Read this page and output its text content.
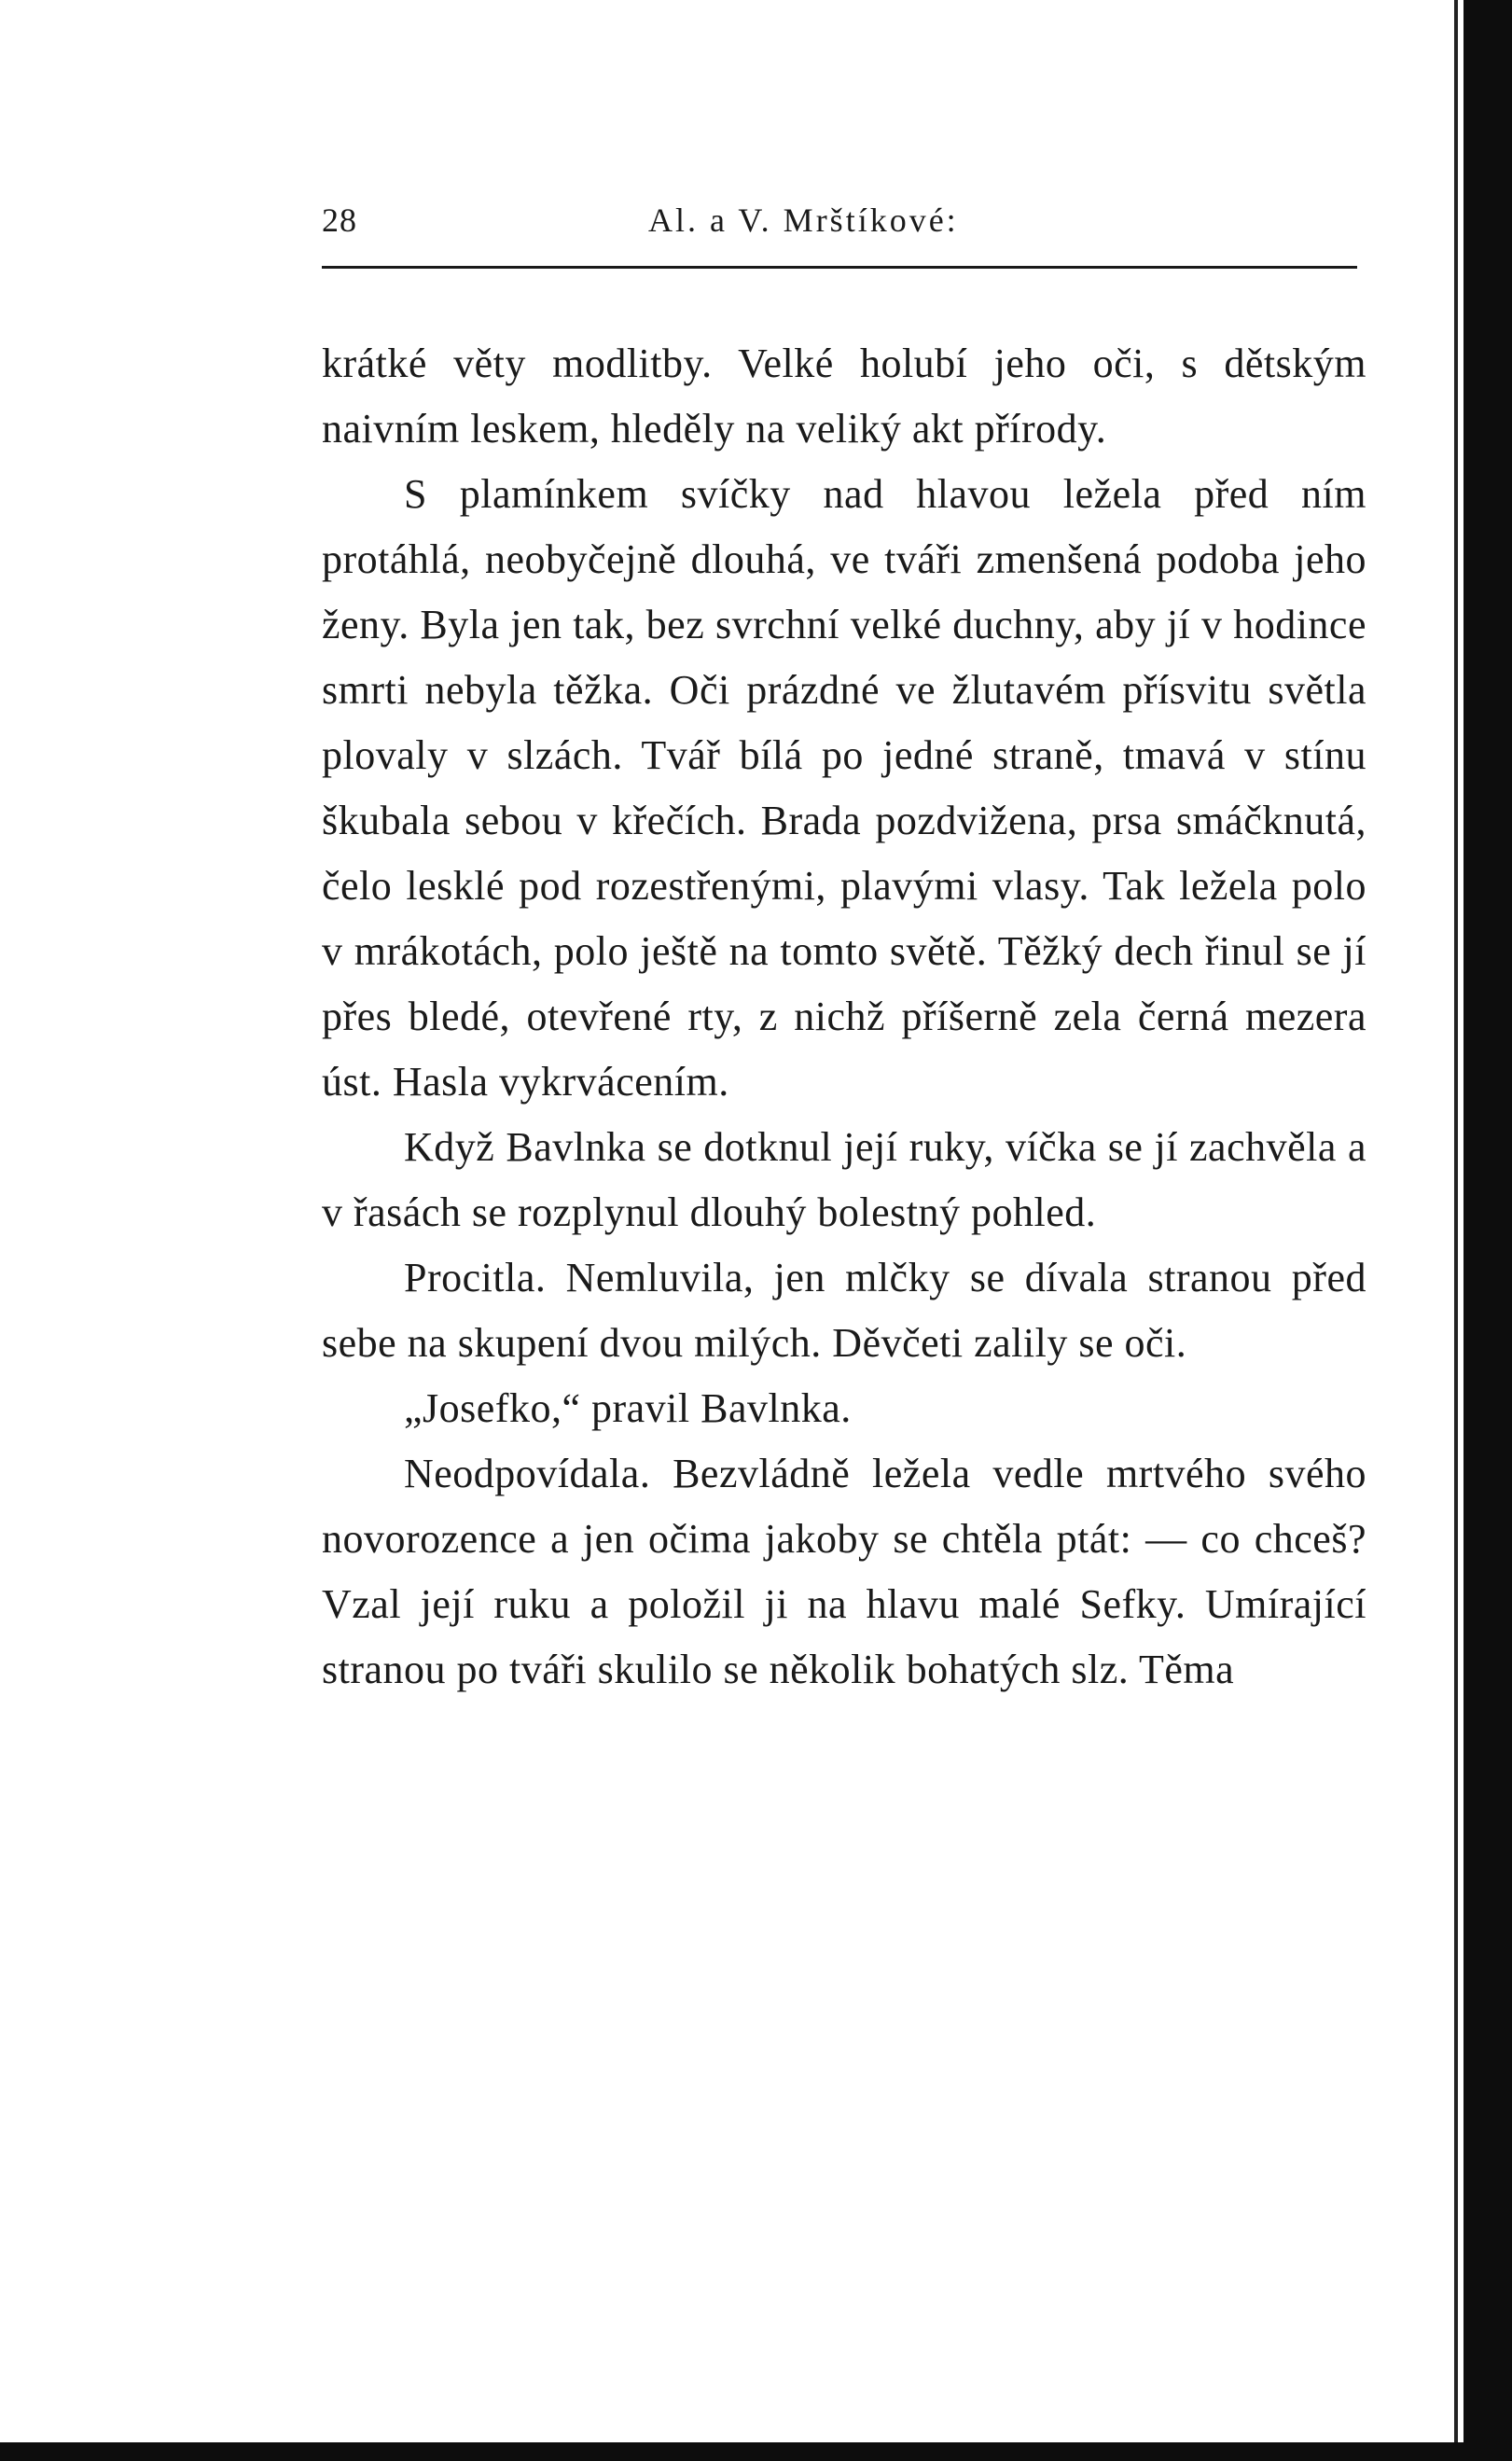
28	Al. a V. Mrštíkové:

krátké věty modlitby. Velké holubí jeho oči, s dětským naivním leskem, hleděly na veliký akt přírody.

S plamínkem svíčky nad hlavou ležela před ním protáhlá, neobyčejně dlouhá, ve tváři zmenšená podoba jeho ženy. Byla jen tak, bez svrchní velké duchny, aby jí v hodince smrti nebyla těžka. Oči prázdné ve žlutavém přísvitu světla plovaly v slzách. Tvář bílá po jedné straně, tmavá v stínu škubala sebou v křečích. Brada pozdvižena, prsa smáčknutá, čelo lesklé pod rozestřenými, plavými vlasy. Tak ležela polo v mrákotách, polo ještě na tomto světě. Těžký dech řinul se jí přes bledé, otevřené rty, z nichž příšerně zela černá mezera úst. Hasla vykrvácením.

Když Bavlnka se dotknul její ruky, víčka se jí zachvěla a v řasách se rozplynul dlouhý bolestný pohled.

Procitla. Nemluvila, jen mlčky se dívala stranou před sebe na skupení dvou milých. Děvčeti zalily se oči.

„Josefko,“ pravil Bavlnka.

Neodpovídala. Bezvládně ležela vedle mrtvého svého novorozence a jen očima jakoby se chtěla ptát: — co chceš? Vzal její ruku a položil ji na hlavu malé Sefky. Umírající stranou po tváři skulilo se několik bohatých slz. Těma
